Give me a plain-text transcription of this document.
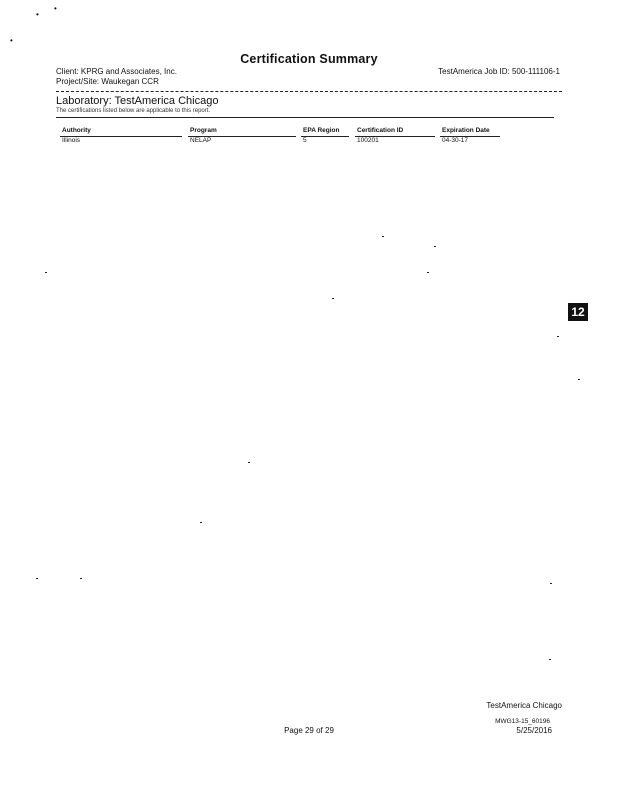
•
•
•
Certification Summary
Client: KPRG and Associates, Inc.	TestAmerica Job ID: 500-111106-1
Project/Site: Waukegan CCR
Laboratory: TestAmerica Chicago
The certifications listed below are applicable to this report.
Authority	Program	EPA Region	Certification ID	Expiration Date
Illinois	NELAP	5	100201	04-30-17
12
TestAmerica Chicago
MWG13-15_60196
Page 29 of 29	5/25/2016
